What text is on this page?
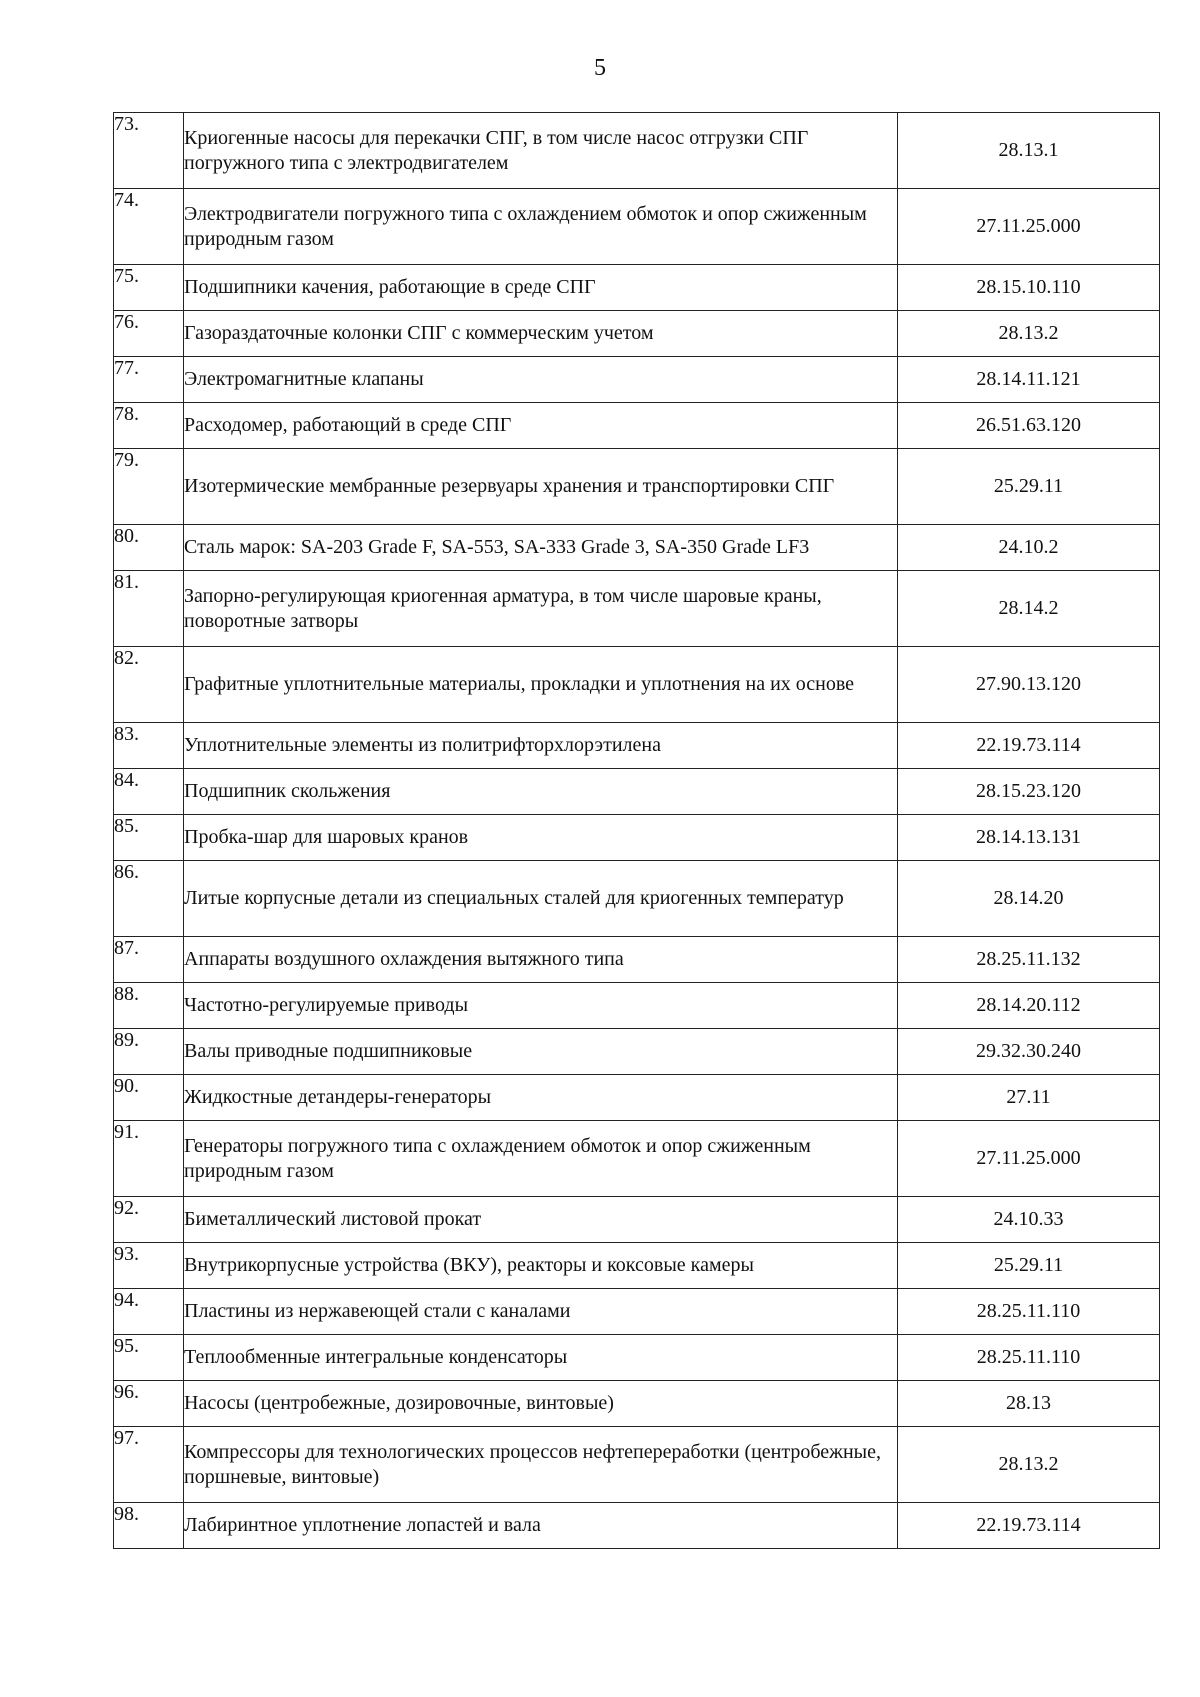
5
73.	Криогенные насосы для перекачки СПГ, в том числе насос отгрузки СПГ погружного типа с электродвигателем	28.13.1
74.	Электродвигатели погружного типа с охлаждением обмоток и опор сжиженным природным газом	27.11.25.000
75.	Подшипники качения, работающие в среде СПГ	28.15.10.110
76.	Газораздаточные колонки СПГ с коммерческим учетом	28.13.2
77.	Электромагнитные клапаны	28.14.11.121
78.	Расходомер, работающий в среде СПГ	26.51.63.120
79.	Изотермические мембранные резервуары хранения и транспортировки СПГ	25.29.11
80.	Сталь марок: SA-203 Grade F, SA-553, SA-333 Grade 3, SA-350 Grade LF3	24.10.2
81.	Запорно-регулирующая криогенная арматура, в том числе шаровые краны, поворотные затворы	28.14.2
82.	Графитные уплотнительные материалы, прокладки и уплотнения на их основе	27.90.13.120
83.	Уплотнительные элементы из политрифторхлорэтилена	22.19.73.114
84.	Подшипник скольжения	28.15.23.120
85.	Пробка-шар для шаровых кранов	28.14.13.131
86.	Литые корпусные детали из специальных сталей для криогенных температур	28.14.20
87.	Аппараты воздушного охлаждения вытяжного типа	28.25.11.132
88.	Частотно-регулируемые приводы	28.14.20.112
89.	Валы приводные подшипниковые	29.32.30.240
90.	Жидкостные детандеры-генераторы	27.11
91.	Генераторы погружного типа с охлаждением обмоток и опор сжиженным природным газом	27.11.25.000
92.	Биметаллический листовой прокат	24.10.33
93.	Внутрикорпусные устройства (ВКУ), реакторы и коксовые камеры	25.29.11
94.	Пластины из нержавеющей стали с каналами	28.25.11.110
95.	Теплообменные интегральные конденсаторы	28.25.11.110
96.	Насосы (центробежные, дозировочные, винтовые)	28.13
97.	Компрессоры для технологических процессов нефтепереработки (центробежные, поршневые, винтовые)	28.13.2
98.	Лабиринтное уплотнение лопастей и вала	22.19.73.114
